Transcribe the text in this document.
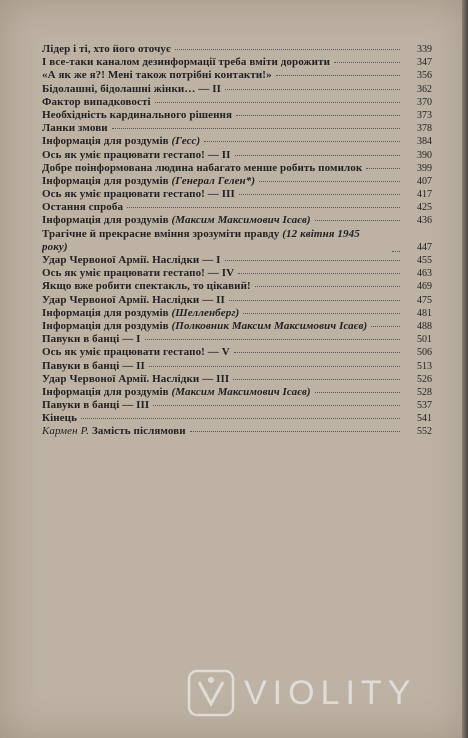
Лідер і ті, хто його оточує	339
І все-таки каналом дезинформації треба вміти дорожити	347
«А як же я?! Мені також потрібні контакти!»	356
Бідолашні, бідолашні жінки… — II	362
Фактор випадковості	370
Необхідність кардинального рішення	373
Ланки змови	378
Інформація для роздумів (Гесс)	384
Ось як уміє працювати гестапо! — II	390
Добре поінформована людина набагато менше робить помилок	399
Інформація для роздумів (Генерал Гелен*)	407
Ось як уміє працювати гестапо! — III	417
Остання спроба	425
Інформація для роздумів (Максим Максимович Ісаєв)	436
Трагічне й прекрасне вміння зрозуміти правду (12 квітня 1945 року)	447
Удар Червоної Армії. Наслідки — I	455
Ось як уміє працювати гестапо! — IV	463
Якщо вже робити спектакль, то цікавий!	469
Удар Червоної Армії. Наслідки — II	475
Інформація для роздумів (Шелленберг)	481
Інформація для роздумів (Полковник Максим Максимович Ісаєв)	488
Павуки в банці — I	501
Ось як уміє працювати гестапо! — V	506
Павуки в банці — II	513
Удар Червоної Армії. Наслідки — III	526
Інформація для роздумів (Максим Максимович Ісаєв)	528
Павуки в банці — III	537
Кінець	541
Кармен Р. Замість післямови	552
VIOLITY
